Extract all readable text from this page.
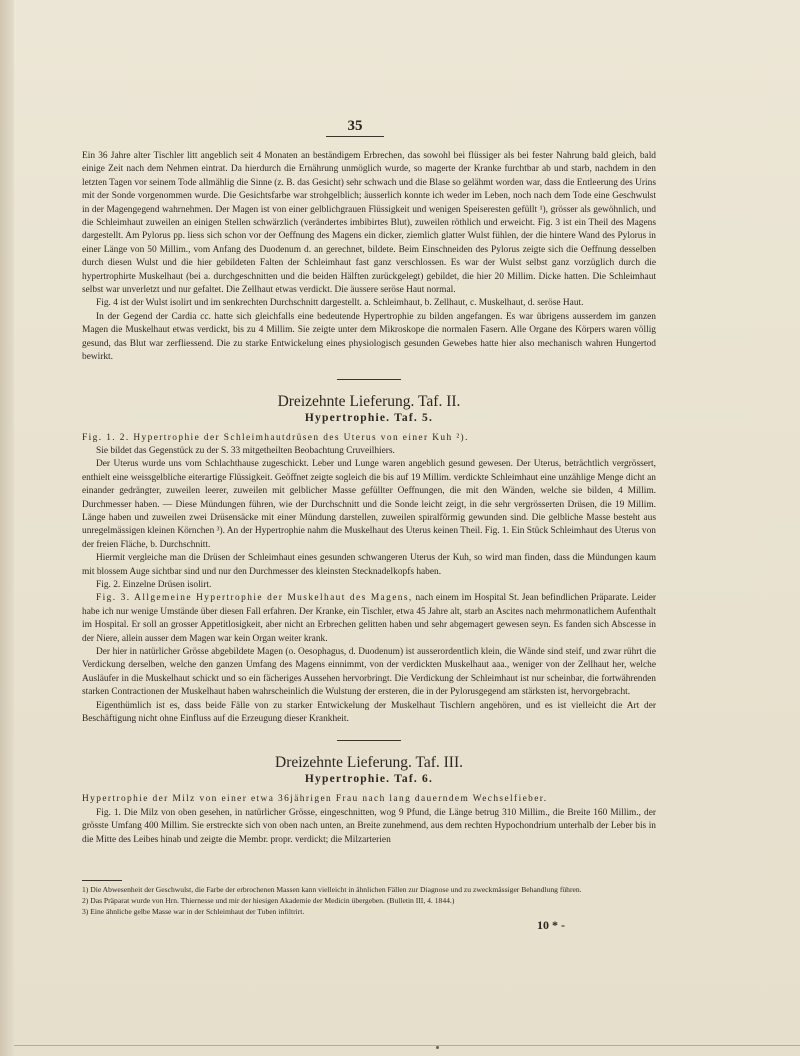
35

Ein 36 Jahre alter Tischler litt angeblich seit 4 Monaten an beständigem Erbrechen, das sowohl bei flüssiger als bei fester Nahrung bald gleich, bald einige Zeit nach dem Nehmen eintrat. Da hierdurch die Ernährung unmöglich wurde, so magerte der Kranke furchtbar ab und starb, nachdem in den letzten Tagen vor seinem Tode allmählig die Sinne (z. B. das Gesicht) sehr schwach und die Blase so gelähmt worden war, dass die Entleerung des Urins mit der Sonde vorgenommen wurde. Die Gesichtsfarbe war strohgelblich; äusserlich konnte ich weder im Leben, noch nach dem Tode eine Geschwulst in der Magengegend wahrnehmen. Der Magen ist von einer gelblichgrauen Flüssigkeit und wenigen Speiseresten gefüllt ¹), grösser als gewöhnlich, und die Schleimhaut zuweilen an einigen Stellen schwärzlich (verändertes imbibirtes Blut), zuweilen röthlich und erweicht. Fig. 3 ist ein Theil des Magens dargestellt. Am Pylorus pp. liess sich schon vor der Oeffnung des Magens ein dicker, ziemlich glatter Wulst fühlen, der die hintere Wand des Pylorus in einer Länge von 50 Millim., vom Anfang des Duodenum d. an gerechnet, bildete. Beim Einschneiden des Pylorus zeigte sich die Oeffnung desselben durch diesen Wulst und die hier gebildeten Falten der Schleimhaut fast ganz verschlossen. Es war der Wulst selbst ganz vorzüglich durch die hypertrophirte Muskelhaut (bei a. durchgeschnitten und die beiden Hälften zurückgelegt) gebildet, die hier 20 Millim. Dicke hatten. Die Schleimhaut selbst war unverletzt und nur gefaltet. Die Zellhaut etwas verdickt. Die äussere seröse Haut normal.

Fig. 4 ist der Wulst isolirt und im senkrechten Durchschnitt dargestellt. a. Schleimhaut, b. Zellhaut, c. Muskelhaut, d. seröse Haut.

In der Gegend der Cardia cc. hatte sich gleichfalls eine bedeutende Hypertrophie zu bilden angefangen. Es war übrigens ausserdem im ganzen Magen die Muskelhaut etwas verdickt, bis zu 4 Millim. Sie zeigte unter dem Mikroskope die normalen Fasern. Alle Organe des Körpers waren völlig gesund, das Blut war zerfliessend. Die zu starke Entwickelung eines physiologisch gesunden Gewebes hatte hier also mechanisch wahren Hungertod bewirkt.

Dreizehnte Lieferung. Taf. II.
Hypertrophie. Taf. 5.

Fig. 1. 2. Hypertrophie der Schleimhautdrüsen des Uterus von einer Kuh ²).

Sie bildet das Gegenstück zu der S. 33 mitgetheilten Beobachtung Cruveilhiers.

Der Uterus wurde uns vom Schlachthause zugeschickt. Leber und Lunge waren angeblich gesund gewesen. Der Uterus, beträchtlich vergrössert, enthielt eine weissgelbliche eiterartige Flüssigkeit. Geöffnet zeigte sogleich die bis auf 19 Millim. verdickte Schleimhaut eine unzählige Menge dicht an einander gedrängter, zuweilen leerer, zuweilen mit gelblicher Masse gefüllter Oeffnungen, die mit den Wänden, welche sie bilden, 4 Millim. Durchmesser haben. — Diese Mündungen führen, wie der Durchschnitt und die Sonde leicht zeigt, in die sehr vergrösserten Drüsen, die 19 Millim. Länge haben und zuweilen zwei Drüsensäcke mit einer Mündung darstellen, zuweilen spiralförmig gewunden sind. Die gelbliche Masse besteht aus unregelmässigen kleinen Körnchen ³). An der Hypertrophie nahm die Muskelhaut des Uterus keinen Theil. Fig. 1. Ein Stück Schleimhaut des Uterus von der freien Fläche, b. Durchschnitt.

Hiermit vergleiche man die Drüsen der Schleimhaut eines gesunden schwangeren Uterus der Kuh, so wird man finden, dass die Mündungen kaum mit blossem Auge sichtbar sind und nur den Durchmesser des kleinsten Stecknadelkopfs haben.

Fig. 2. Einzelne Drüsen isolirt.

Fig. 3. Allgemeine Hypertrophie der Muskelhaut des Magens, nach einem im Hospital St. Jean befindlichen Präparate. Leider habe ich nur wenige Umstände über diesen Fall erfahren. Der Kranke, ein Tischler, etwa 45 Jahre alt, starb an Ascites nach mehrmonatlichem Aufenthalt im Hospital. Er soll an grosser Appetitlosigkeit, aber nicht an Erbrechen gelitten haben und sehr abgemagert gewesen seyn. Es fanden sich Abscesse in der Niere, allein ausser dem Magen war kein Organ weiter krank.

Der hier in natürlicher Grösse abgebildete Magen (o. Oesophagus, d. Duodenum) ist ausserordentlich klein, die Wände sind steif, und zwar rührt die Verdickung derselben, welche den ganzen Umfang des Magens einnimmt, von der verdickten Muskelhaut aaa., weniger von der Zellhaut her, welche Ausläufer in die Muskelhaut schickt und so ein fächeriges Aussehen hervorbringt. Die Verdickung der Schleimhaut ist nur scheinbar, die fortwährenden starken Contractionen der Muskelhaut haben wahrscheinlich die Wulstung der ersteren, die in der Pylorusgegend am stärksten ist, hervorgebracht.

Eigenthümlich ist es, dass beide Fälle von zu starker Entwickelung der Muskelhaut Tischlern angehören, und es ist vielleicht die Art der Beschäftigung nicht ohne Einfluss auf die Erzeugung dieser Krankheit.

Dreizehnte Lieferung. Taf. III.
Hypertrophie. Taf. 6.

Hypertrophie der Milz von einer etwa 36jährigen Frau nach lang dauerndem Wechselfieber.

Fig. 1. Die Milz von oben gesehen, in natürlicher Grösse, eingeschnitten, wog 9 Pfund, die Länge betrug 310 Millim., die Breite 160 Millim., der grösste Umfang 400 Millim. Sie erstreckte sich von oben nach unten, an Breite zunehmend, aus dem rechten Hypochondrium unterhalb der Leber bis in die Mitte des Leibes hinab und zeigte die Membr. propr. verdickt; die Milzarterien

1) Die Abwesenheit der Geschwulst, die Farbe der erbrochenen Massen kann vielleicht in ähnlichen Fällen zur Diagnose und zu zweckmässiger Behandlung führen.

2) Das Präparat wurde von Hrn. Thiernesse und mir der hiesigen Akademie der Medicin übergeben. (Bulletin III, 4. 1844.)

3) Eine ähnliche gelbe Masse war in der Schleimhaut der Tuben infiltrirt.

10 * -
